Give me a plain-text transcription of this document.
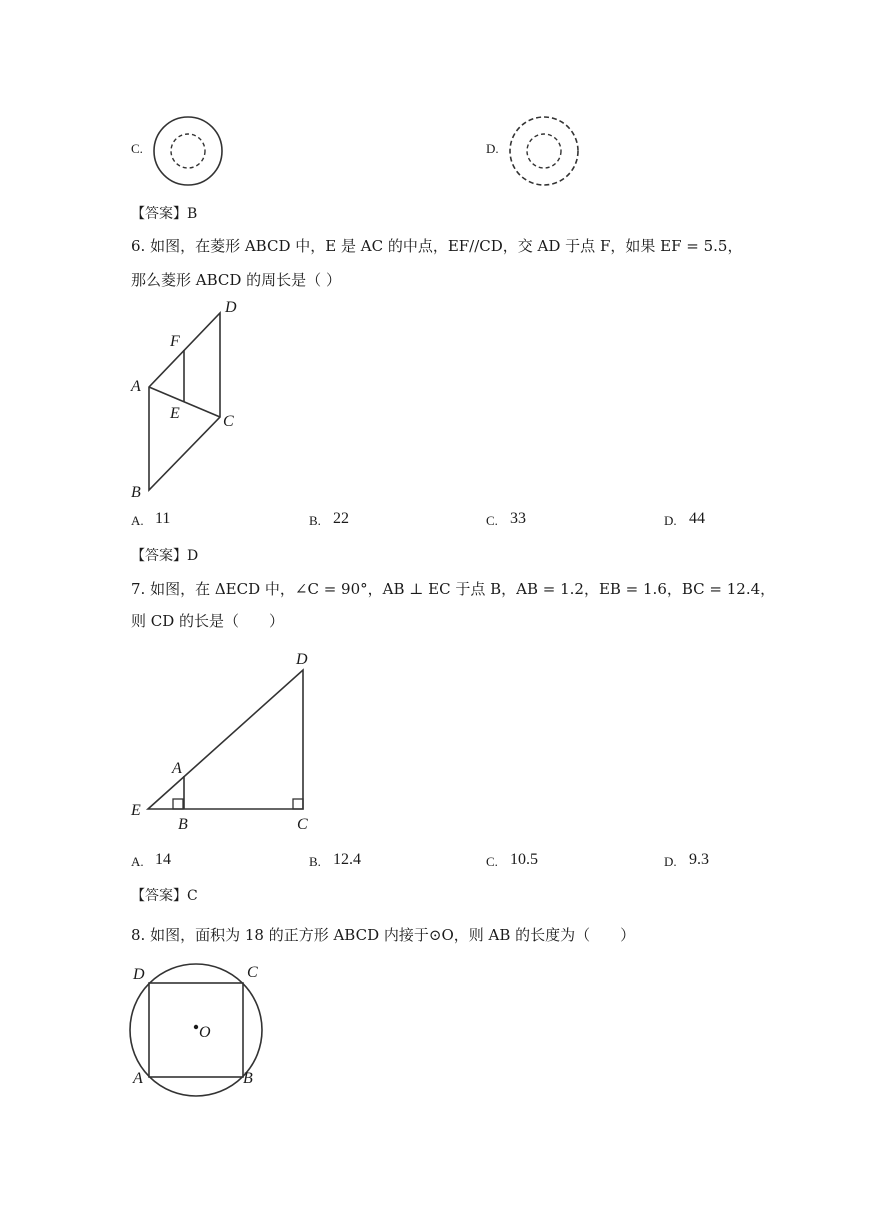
C.	D.
【答案】B
6. 如图，在菱形 ABCD 中，E 是 AC 的中点，EF//CD，交 AD 于点 F，如果 EF = 5.5，
那么菱形 ABCD 的周长是（ ）
D
F
A
E	C
B
A. 11	B. 22	C. 33	D. 44
【答案】D
7. 如图，在 ΔECD 中，∠C = 90°，AB ⊥ EC 于点 B，AB = 1.2，EB = 1.6，BC = 12.4，
则 CD 的长是（　　）
D
A
E
B	C
A. 14	B. 12.4	C. 10.5	D. 9.3
【答案】C
8. 如图，面积为 18 的正方形 ABCD 内接于⊙O，则 AB 的长度为（　　）
D	C
O
A	B
